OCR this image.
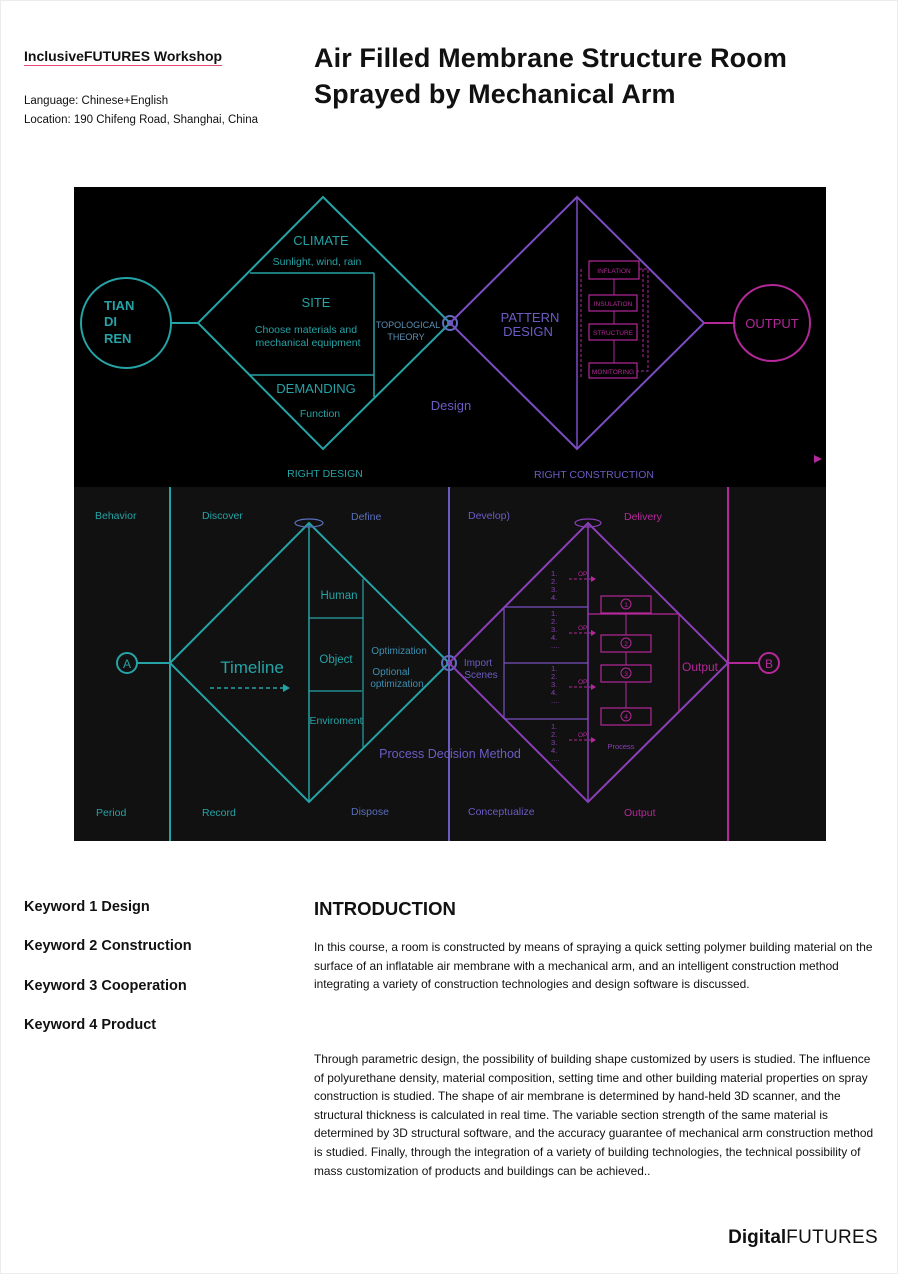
InclusiveFUTURES Workshop
Language: Chinese+English
Location: 190 Chifeng Road, Shanghai, China
Air Filled Membrane Structure Room
Sprayed by Mechanical Arm
TIAN
DI
REN
CLIMATE
Sunlight, wind, rain
SITE
Choose materials and
mechanical equipment
DEMANDING
Function
TOPOLOGICAL
THEORY
PATTERN
DESIGN
Design
INFLATION
INSULATION
STRUCTURE
MONITORING
OUTPUT
RIGHT DESIGN	RIGHT CONSTRUCTION
Behavior	Discover	Define	Develop)	Delivery
Period	Record	Dispose	Conceptualize	Output
A	B
Timeline
Human
Object
Enviroment
Optimization
Optional
optimization
Import
Scenes
Process Decision Method
1.
2.
3.
4.
1.
2.
3.
4.
....
1.
2.
3.
4.
....
1.
2.
3.
4.
....
OP
OP
OP
OP
1
2
3
4
Process
Output
Keyword 1 Design
Keyword 2 Construction
Keyword 3 Cooperation
Keyword 4 Product
INTRODUCTION

In this course, a room is constructed by means of spraying a quick setting polymer building material on the surface of an inflatable air membrane with a mechanical arm, and an intelligent construction method integrating a variety of construction technologies and design software is discussed.

Through parametric design, the possibility of building shape customized by users is studied. The influence of polyurethane density, material composition, setting time and other building material properties on spray construction is studied. The shape of air membrane is determined by hand-held 3D scanner, and the structural thickness is calculated in real time. The variable section strength of the same material is determined by 3D structural software, and the accuracy guarantee of mechanical arm construction method is studied. Finally, through the integration of a variety of building technologies, the technical possibility of mass customization of products and buildings can be achieved..

DigitalFUTURES
